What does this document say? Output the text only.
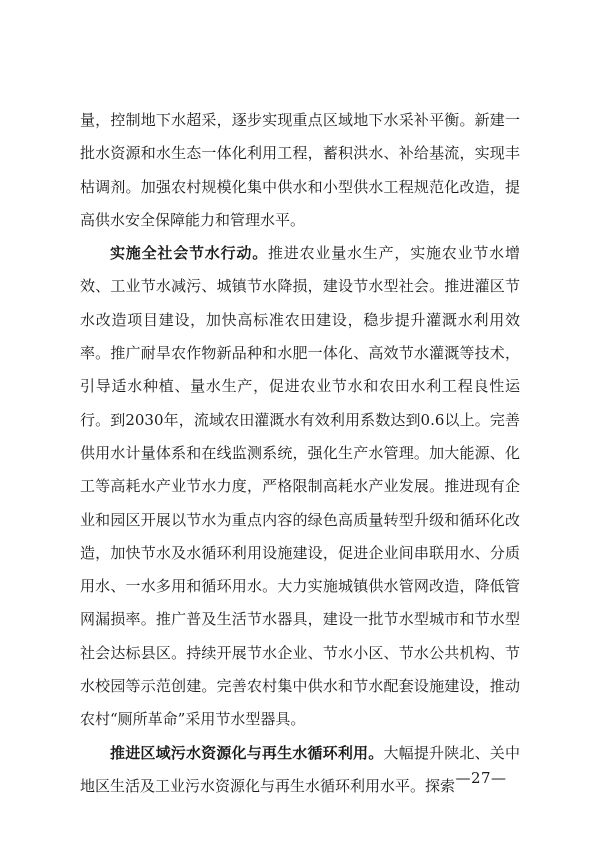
量，控制地下水超采，逐步实现重点区域地下水采补平衡。新建一批水资源和水生态一体化利用工程，蓄积洪水、补给基流，实现丰枯调剂。加强农村规模化集中供水和小型供水工程规范化改造，提高供水安全保障能力和管理水平。

实施全社会节水行动。推进农业量水生产，实施农业节水增效、工业节水减污、城镇节水降损，建设节水型社会。推进灌区节水改造项目建设，加快高标准农田建设，稳步提升灌溉水利用效率。推广耐旱农作物新品种和水肥一体化、高效节水灌溉等技术，引导适水种植、量水生产，促进农业节水和农田水利工程良性运行。到2030年，流域农田灌溉水有效利用系数达到0.6以上。完善供用水计量体系和在线监测系统，强化生产水管理。加大能源、化工等高耗水产业节水力度，严格限制高耗水产业发展。推进现有企业和园区开展以节水为重点内容的绿色高质量转型升级和循环化改造，加快节水及水循环利用设施建设，促进企业间串联用水、分质用水、一水多用和循环用水。大力实施城镇供水管网改造，降低管网漏损率。推广普及生活节水器具，建设一批节水型城市和节水型社会达标县区。持续开展节水企业、节水小区、节水公共机构、节水校园等示范创建。完善农村集中供水和节水配套设施建设，推动农村“厕所革命”采用节水型器具。

推进区域污水资源化与再生水循环利用。大幅提升陕北、关中地区生活及工业污水资源化与再生水循环利用水平。探索 —27—
